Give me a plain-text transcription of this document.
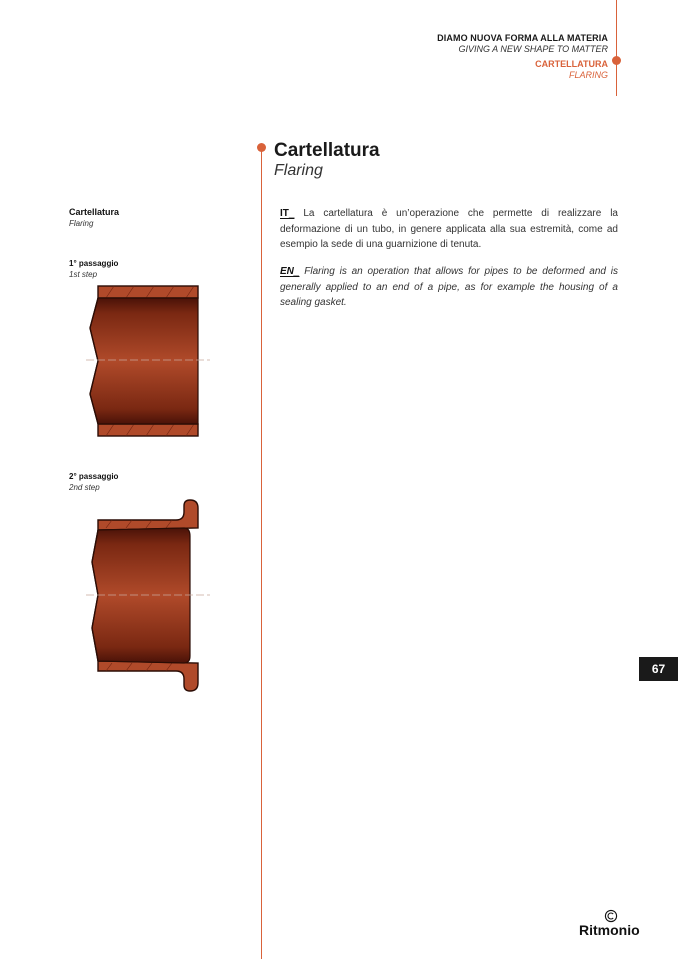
DIAMO NUOVA FORMA ALLA MATERIA
GIVING A NEW SHAPE TO MATTER
CARTELLATURA
FLARING
Cartellatura
Flaring
IT_ La cartellatura è un’operazione che permette di realizzare la deformazione di un tubo, in genere applicata alla sua estremità, come ad esempio la sede di una guarnizione di tenuta.
EN_ Flaring is an operation that allows for pipes to be deformed and is generally applied to an end of a pipe, as for example the housing of a sealing gasket.
Cartellatura
Flaring
1° passaggio
1st step
2° passaggio
2nd step
67
Ritmonio
